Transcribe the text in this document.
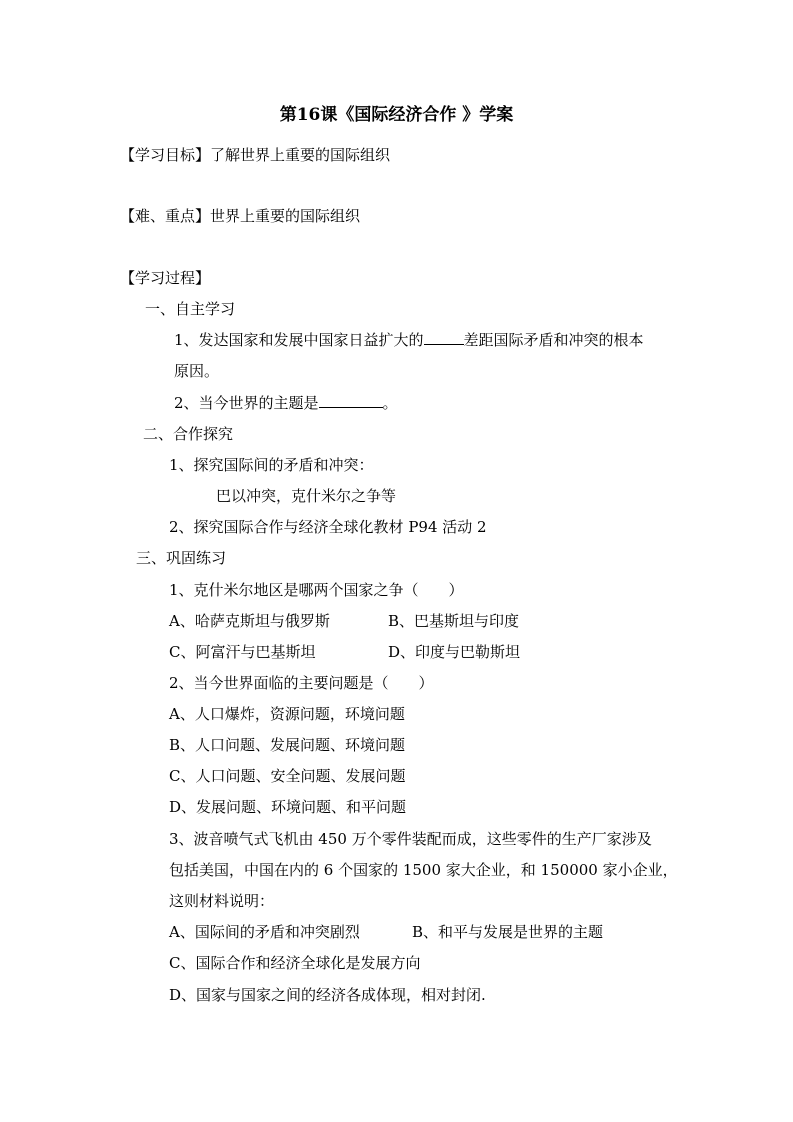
第16课《国际经济合作 》学案
【学习目标】了解世界上重要的国际组织
【难、重点】世界上重要的国际组织
【学习过程】
一、自主学习
1、发达国家和发展中国家日益扩大的	差距国际矛盾和冲突的根本
原因。
2、当今世界的主题是	。
二、合作探究
1、探究国际间的矛盾和冲突：
巴以冲突，克什米尔之争等
2、探究国际合作与经济全球化教材 P94 活动 2
三、巩固练习
1、克什米尔地区是哪两个国家之争（　　）
A、哈萨克斯坦与俄罗斯	B、巴基斯坦与印度
C、阿富汗与巴基斯坦	D、印度与巴勒斯坦
2、当今世界面临的主要问题是（　　）
A、人口爆炸，资源问题，环境问题
B、人口问题、发展问题、环境问题
C、人口问题、安全问题、发展问题
D、发展问题、环境问题、和平问题
3、波音喷气式飞机由 450 万个零件装配而成，这些零件的生产厂家涉及
包括美国，中国在内的 6 个国家的 1500 家大企业，和 150000 家小企业，
这则材料说明：
A、国际间的矛盾和冲突剧烈	B、和平与发展是世界的主题
C、国际合作和经济全球化是发展方向
D、国家与国家之间的经济各成体现，相对封闭.
